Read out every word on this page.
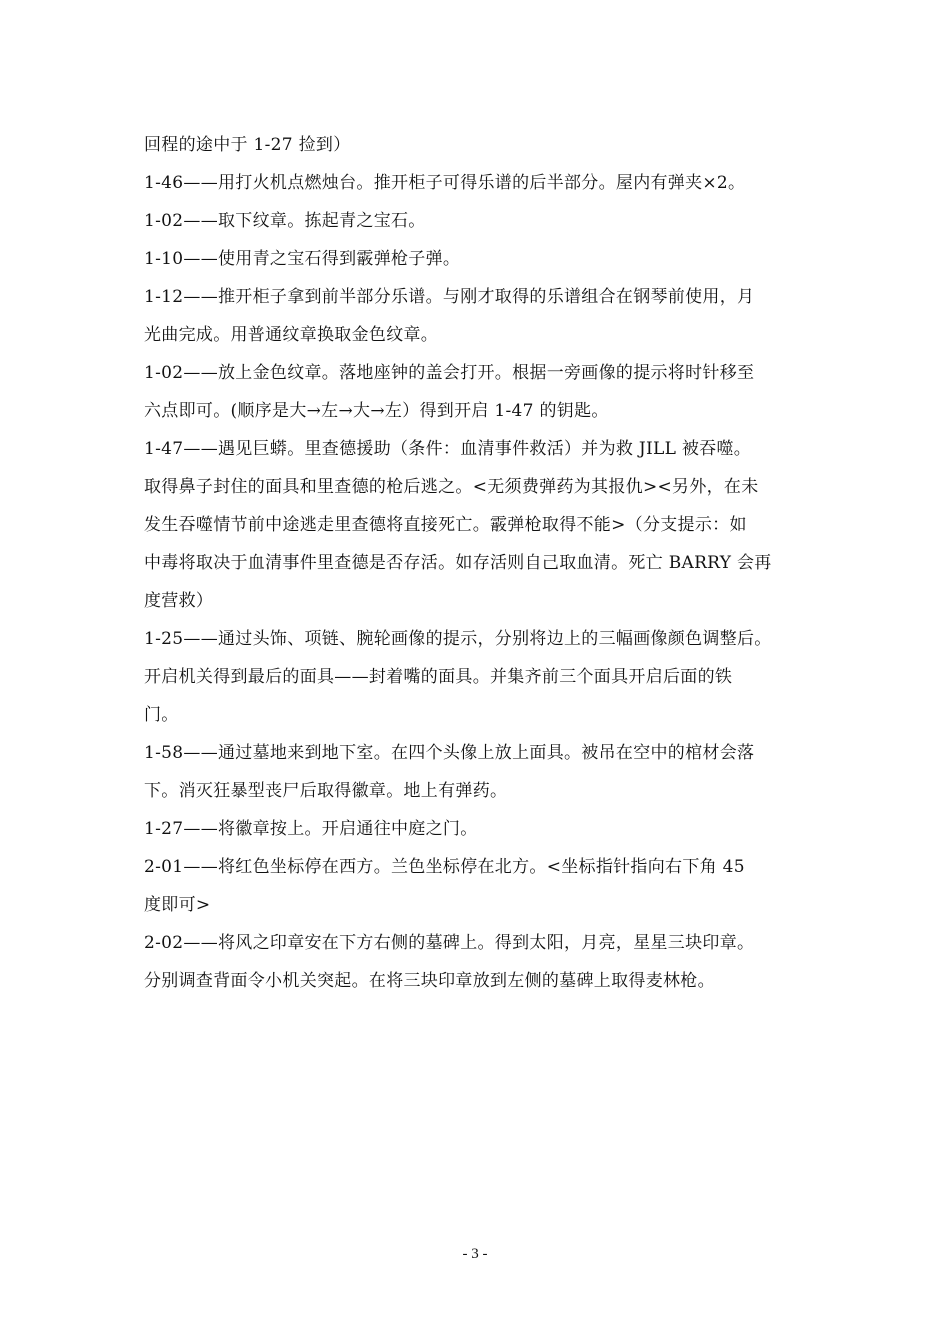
回程的途中于 1-27 捡到）

1-46——用打火机点燃烛台。推开柜子可得乐谱的后半部分。屋内有弹夹×2。

1-02——取下纹章。拣起青之宝石。

1-10——使用青之宝石得到霰弹枪子弹。

1-12——推开柜子拿到前半部分乐谱。与刚才取得的乐谱组合在钢琴前使用，月

光曲完成。用普通纹章换取金色纹章。

1-02——放上金色纹章。落地座钟的盖会打开。根据一旁画像的提示将时针移至

六点即可。(顺序是大→左→大→左）得到开启 1-47 的钥匙。

1-47——遇见巨蟒。里查德援助（条件：血清事件救活）并为救 JILL 被吞噬。

取得鼻子封住的面具和里查德的枪后逃之。<无须费弹药为其报仇><另外，在未

发生吞噬情节前中途逃走里查德将直接死亡。霰弹枪取得不能>（分支提示：如

中毒将取决于血清事件里查德是否存活。如存活则自己取血清。死亡 BARRY 会再

度营救）

1-25——通过头饰、项链、腕轮画像的提示，分别将边上的三幅画像颜色调整后。

开启机关得到最后的面具——封着嘴的面具。并集齐前三个面具开启后面的铁

门。

1-58——通过墓地来到地下室。在四个头像上放上面具。被吊在空中的棺材会落

下。消灭狂暴型丧尸后取得徽章。地上有弹药。

1-27——将徽章按上。开启通往中庭之门。

2-01——将红色坐标停在西方。兰色坐标停在北方。<坐标指针指向右下角 45

度即可>

2-02——将风之印章安在下方右侧的墓碑上。得到太阳，月亮，星星三块印章。

分别调查背面令小机关突起。在将三块印章放到左侧的墓碑上取得麦林枪。

- 3 -
